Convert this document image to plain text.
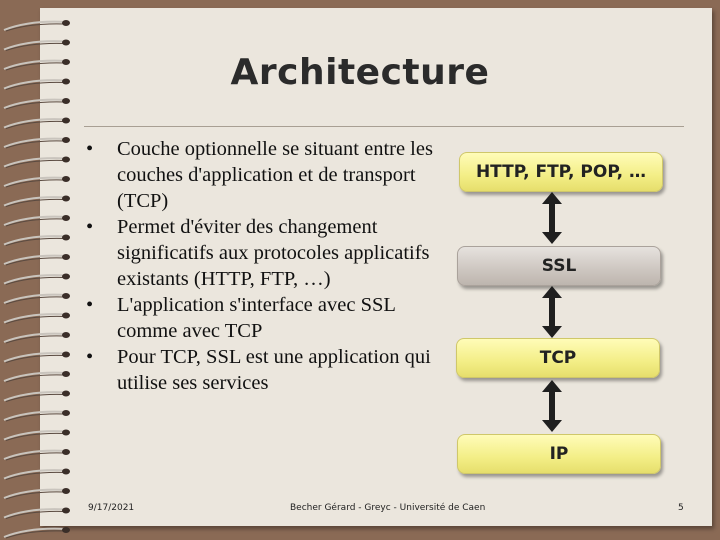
Architecture
• Couche optionnelle se situant entre les couches d'application et de transport (TCP)
• Permet d'éviter des changement significatifs aux protocoles applicatifs existants (HTTP, FTP, …)
• L'application s'interface avec SSL comme avec TCP
• Pour TCP, SSL est une application qui utilise ses services
HTTP, FTP, POP, …
SSL
TCP
IP
9/17/2021	Becher Gérard - Greyc - Université de Caen	5
